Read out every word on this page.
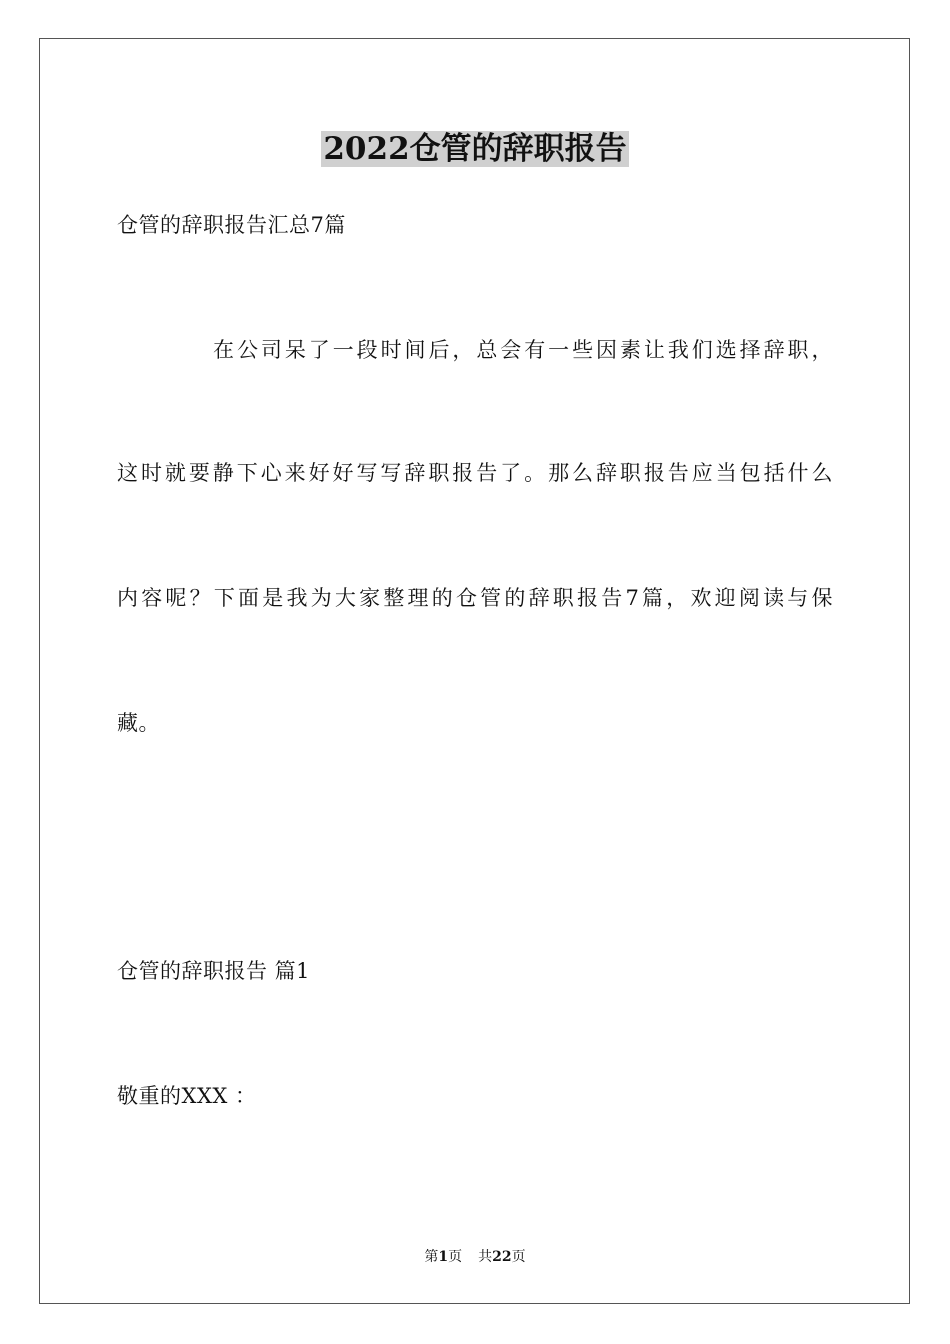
2022仓管的辞职报告
仓管的辞职报告汇总7篇
在公司呆了一段时间后，总会有一些因素让我们选择辞职，
这时就要静下心来好好写写辞职报告了。那么辞职报告应当包括什么
内容呢？下面是我为大家整理的仓管的辞职报告7篇，欢迎阅读与保
藏。
仓管的辞职报告 篇1
敬重的XXX ：
第1页 共22页
